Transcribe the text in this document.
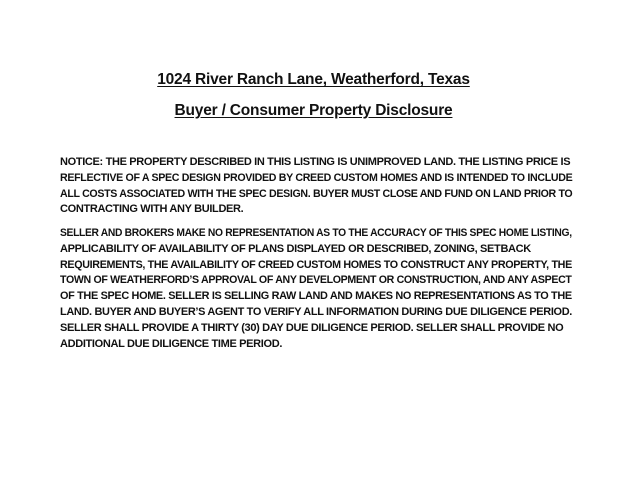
1024 River Ranch Lane, Weatherford, Texas
Buyer / Consumer Property Disclosure
NOTICE: THE PROPERTY DESCRIBED IN THIS LISTING IS UNIMPROVED LAND. THE LISTING PRICE IS
REFLECTIVE OF A SPEC DESIGN PROVIDED BY CREED CUSTOM HOMES AND IS INTENDED TO INCLUDE
ALL COSTS ASSOCIATED WITH THE SPEC DESIGN. BUYER MUST CLOSE AND FUND ON LAND PRIOR TO
CONTRACTING WITH ANY BUILDER.
SELLER AND BROKERS MAKE NO REPRESENTATION AS TO THE ACCURACY OF THIS SPEC HOME LISTING,
APPLICABILITY OF AVAILABILITY OF PLANS DISPLAYED OR DESCRIBED, ZONING, SETBACK
REQUIREMENTS, THE AVAILABILITY OF CREED CUSTOM HOMES TO CONSTRUCT ANY PROPERTY, THE
TOWN OF WEATHERFORD’S APPROVAL OF ANY DEVELOPMENT OR CONSTRUCTION, AND ANY ASPECT
OF THE SPEC HOME. SELLER IS SELLING RAW LAND AND MAKES NO REPRESENTATIONS AS TO THE
LAND. BUYER AND BUYER’S AGENT TO VERIFY ALL INFORMATION DURING DUE DILIGENCE PERIOD.
SELLER SHALL PROVIDE A THIRTY (30) DAY DUE DILIGENCE PERIOD. SELLER SHALL PROVIDE NO
ADDITIONAL DUE DILIGENCE TIME PERIOD.
